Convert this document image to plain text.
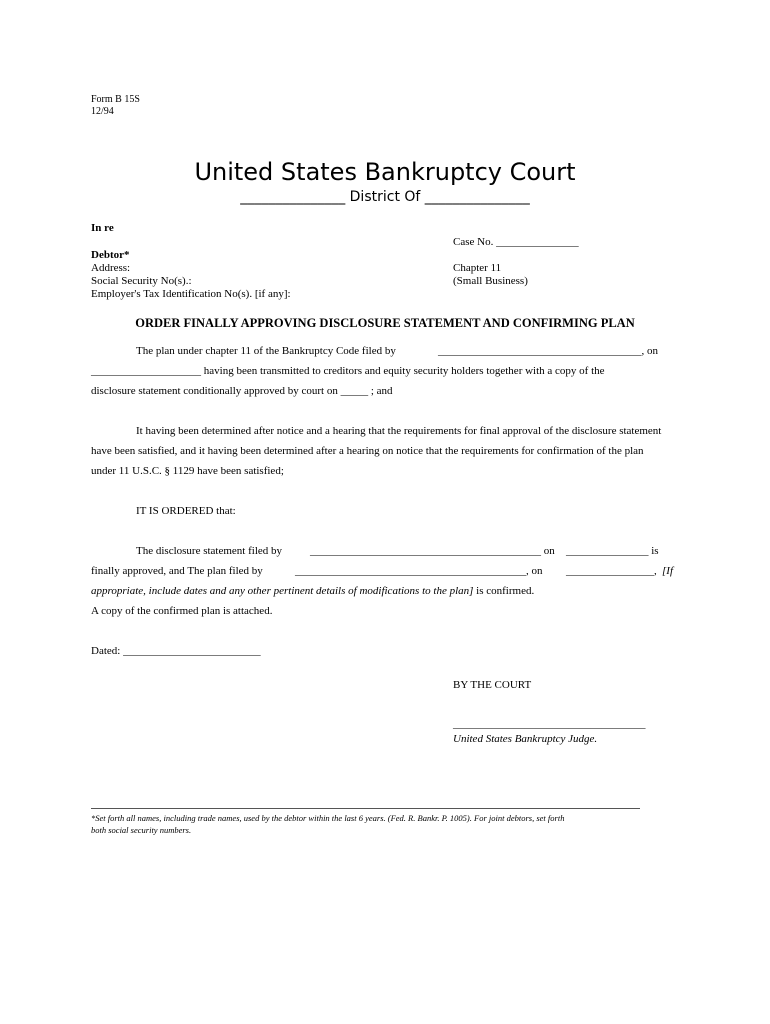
Form B 15S
12/94
United States Bankruptcy Court
_______________ District Of _______________
In re
Case No. _______________
Debtor*
Address:	Chapter 11
Social Security No(s).:	(Small Business)
Employer's Tax Identification No(s). [if any]:
ORDER FINALLY APPROVING DISCLOSURE STATEMENT AND CONFIRMING PLAN
The plan under chapter 11 of the Bankruptcy Code filed by	_____________________________________, on
____________________ having been transmitted to creditors and equity security holders together with a copy of the
disclosure statement conditionally approved by court on _____ ; and
It having been determined after notice and a hearing that the requirements for final approval of the disclosure statement
have been satisfied, and it having been determined after a hearing on notice that the requirements for confirmation of the plan
under 11 U.S.C. § 1129 have been satisfied;
IT IS ORDERED that:
The disclosure statement filed by	__________________________________________ on _______________ is
finally approved, and The plan filed by	__________________________________________, on ________________, [If
appropriate, include dates and any other pertinent details of modifications to the plan] is confirmed.
A copy of the confirmed plan is attached.
Dated: _________________________
BY THE COURT
___________________________________
United States Bankruptcy Judge.
*Set forth all names, including trade names, used by the debtor within the last 6 years. (Fed. R. Bankr. P. 1005). For joint debtors, set forth
both social security numbers.
